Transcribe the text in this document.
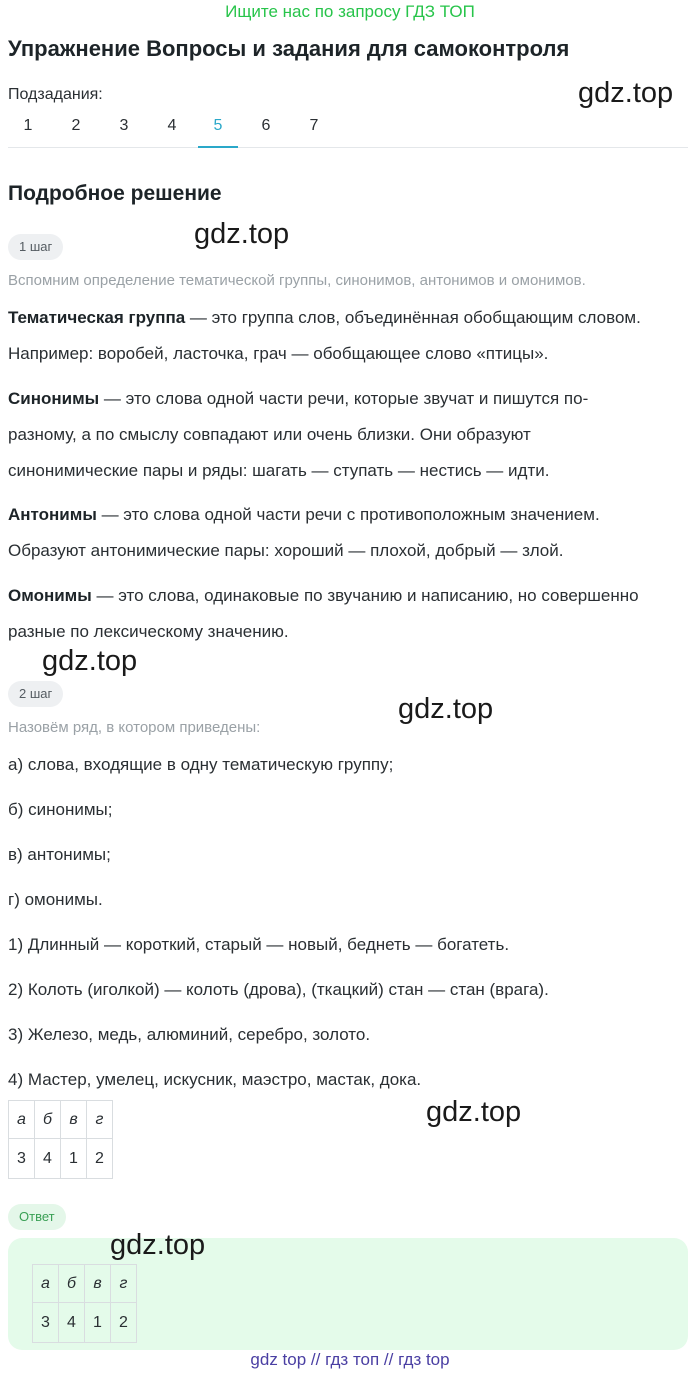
Ищите нас по запросу ГДЗ ТОП
Упражнение Вопросы и задания для самоконтроля
Подзадания:
1	2	3	4	5	6	7
Подробное решение
1 шаг
Вспомним определение тематической группы, синонимов, антонимов и омонимов.
Тематическая группа — это группа слов, объединённая обобщающим словом.
Например: воробей, ласточка, грач — обобщающее слово «птицы».
Синонимы — это слова одной части речи, которые звучат и пишутся по-
разному, а по смыслу совпадают или очень близки. Они образуют
синонимические пары и ряды: шагать — ступать — нестись — идти.
Антонимы — это слова одной части речи с противоположным значением.
Образуют антонимические пары: хороший — плохой, добрый — злой.
Омонимы — это слова, одинаковые по звучанию и написанию, но совершенно
разные по лексическому значению.
2 шаг
Назовём ряд, в котором приведены:
а) слова, входящие в одну тематическую группу;
б) синонимы;
в) антонимы;
г) омонимы.
1) Длинный — короткий, старый — новый, беднеть — богатеть.
2) Колоть (иголкой) — колоть (дрова), (ткацкий) стан — стан (врага).
3) Железо, медь, алюминий, серебро, золото.
4) Мастер, умелец, искусник, маэстро, мастак, дока.
а	б	в	г
3	4	1	2
Ответ
а	б	в	г
3	4	1	2
gdz.top
gdz.top
gdz.top
gdz.top
gdz.top
gdz.top
gdz top // гдз топ // гдз top
